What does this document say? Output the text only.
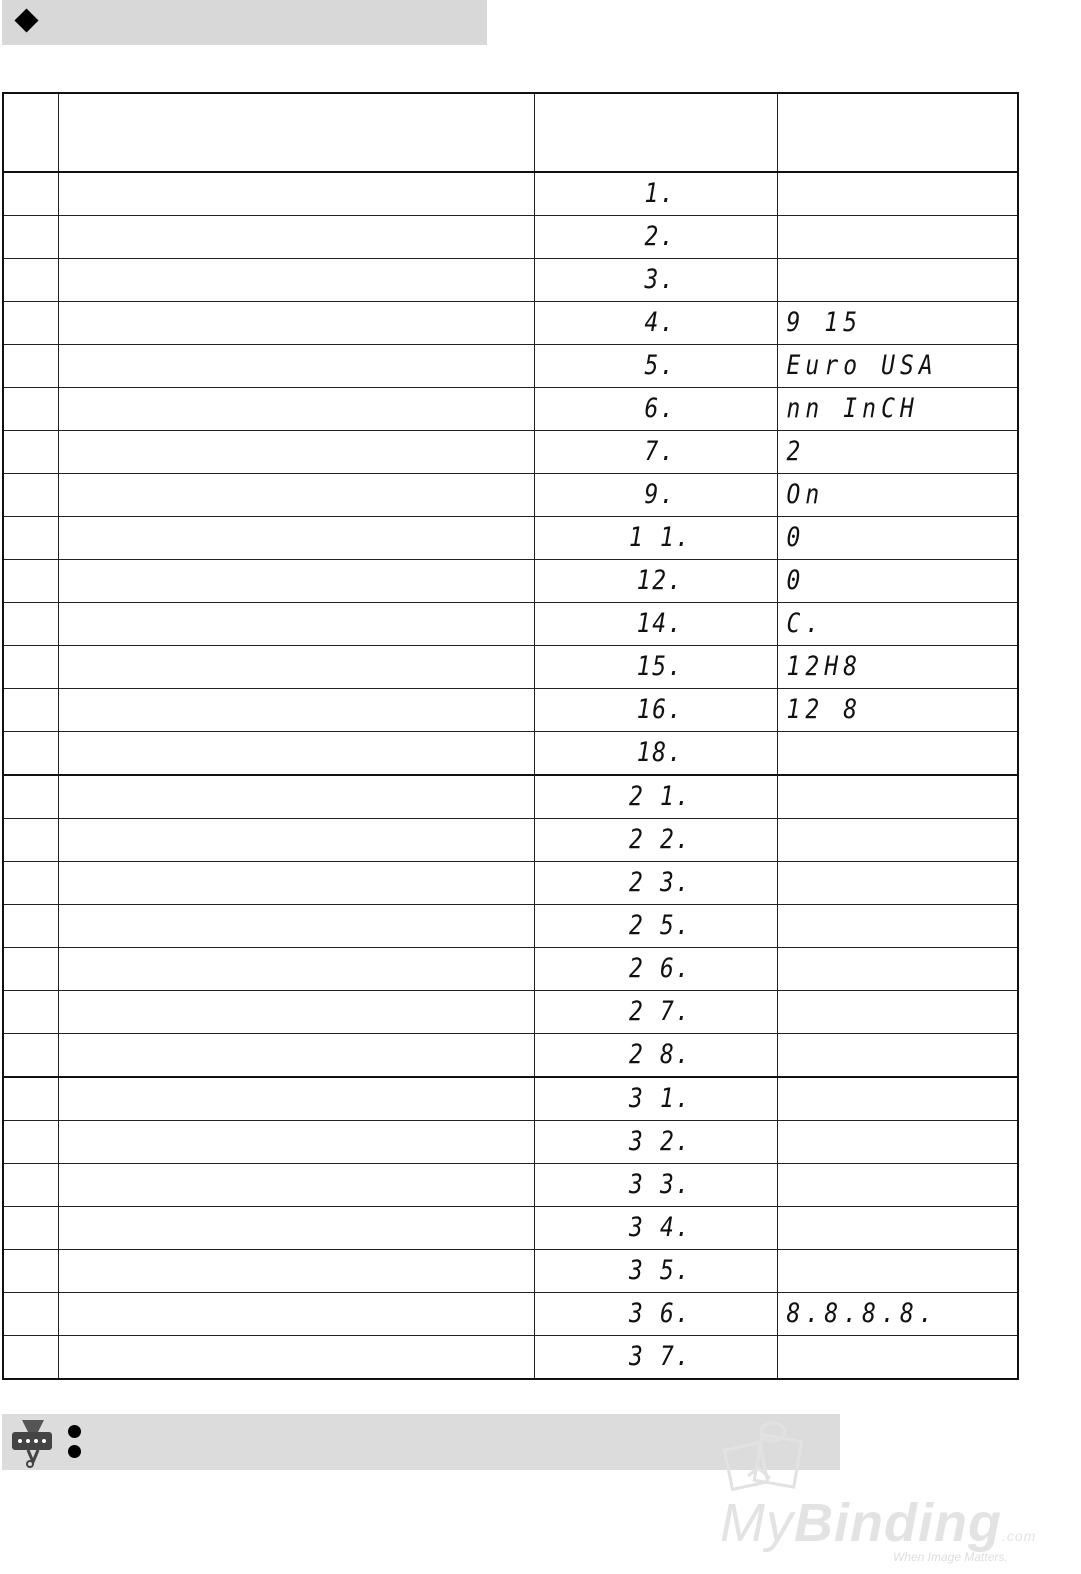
		1.	

		2.	

		3.	

		4.	9 15

		5.	Euro USA

		6.	nn InCH

		7.	2

		9.	On

		1 1.	0

		12.	0

		14.	C.

		15.	12H8

		16.	12 8

		18.	

		2 1.	

		2 2.	

		2 3.	

		2 5.	

		2 6.	

		2 7.	

		2 8.	

		3 1.	

		3 2.	

		3 3.	

		3 4.	

		3 5.	

		3 6.	8.8.8.8.

		3 7.	

MyBinding.com
When Image Matters.
